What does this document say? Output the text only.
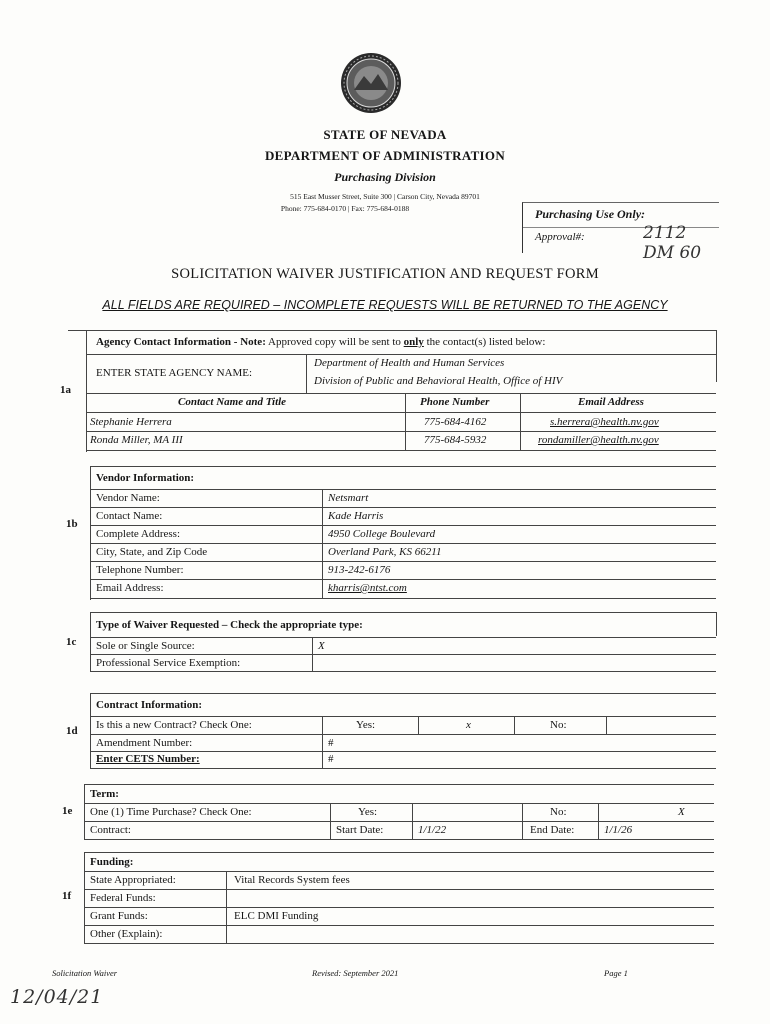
STATE OF NEVADA
DEPARTMENT OF ADMINISTRATION
Purchasing Division
515 East Musser Street, Suite 300 | Carson City, Nevada 89701
Phone: 775-684-0170 | Fax: 775-684-0188	Purchasing Use Only:
Approval#:	2112 DM 60
SOLICITATION WAIVER JUSTIFICATION AND REQUEST FORM
ALL FIELDS ARE REQUIRED – INCOMPLETE REQUESTS WILL BE RETURNED TO THE AGENCY
1a
Agency Contact Information - Note: Approved copy will be sent to only the contact(s) listed below:
ENTER STATE AGENCY NAME:
Department of Health and Human Services
Division of Public and Behavioral Health, Office of HIV
Contact Name and Title	Phone Number	Email Address
Stephanie Herrera	775-684-4162	s.herrera@health.nv.gov
Ronda Miller, MA III	775-684-5932	rondamiller@health.nv.gov
1b
Vendor Information:
Vendor Name:	Netsmart
Contact Name:	Kade Harris
Complete Address:	4950 College Boulevard
City, State, and Zip Code	Overland Park, KS 66211
Telephone Number:	913-242-6176
Email Address:	kharris@ntst.com
1c
Type of Waiver Requested – Check the appropriate type:
Sole or Single Source:	X
Professional Service Exemption:
1d
Contract Information:
Is this a new Contract? Check One:	Yes:	x	No:
Amendment Number:	#
Enter CETS Number:	#
1e
Term:
One (1) Time Purchase? Check One:	Yes:	No:	X
Contract:	Start Date:	1/1/22	End Date:	1/1/26
1f
Funding:
State Appropriated:	Vital Records System fees
Federal Funds:
Grant Funds:	ELC DMI Funding
Other (Explain):
Solicitation Waiver	Revised: September 2021	Page 1
12/04/21
